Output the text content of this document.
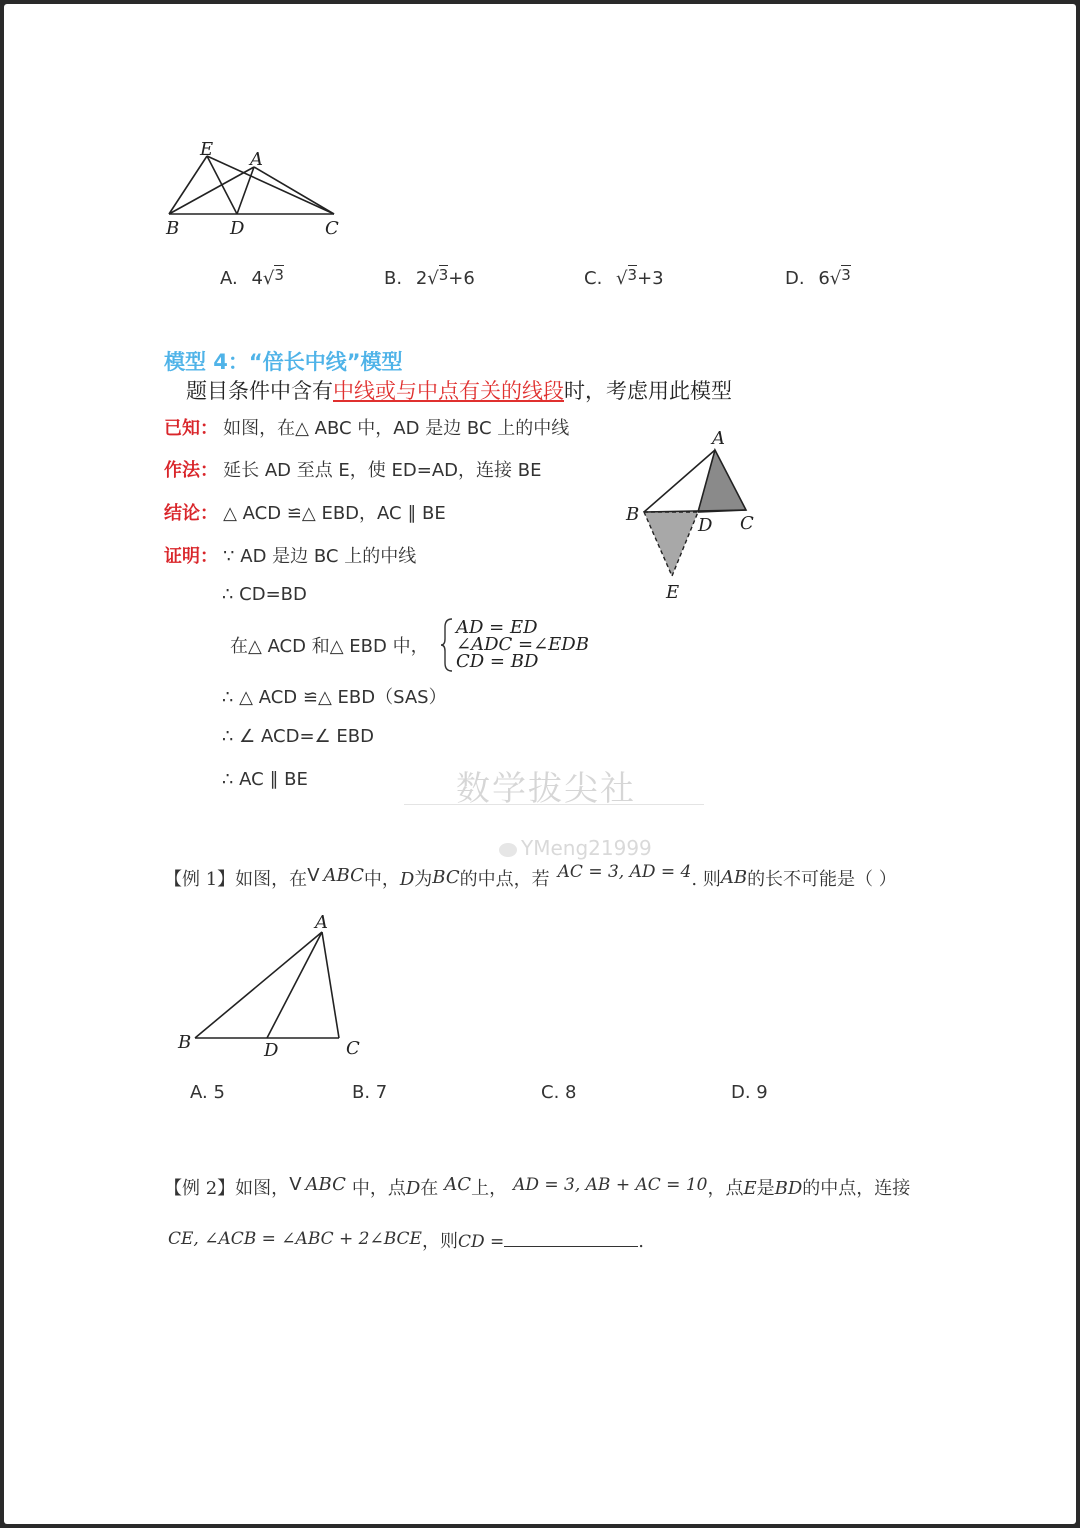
E A
B	D	C
A. 4√$^3$	B. 2√$^3$+6	C. √$^3$+3	D. 6√$^3$
模型 4：“倍长中线”模型
题目条件中含有中线或与中点有关的线段时，考虑用此模型
已知： 如图，在△ ABC 中，AD 是边 BC 上的中线
作法： 延长 AD 至点 E，使 ED=AD，连接 BE
结论： △ ACD ≌△ EBD，AC ∥ BE
证明： ∵ AD 是边 BC 上的中线
∴ CD=BD
在△ ACD 和△ EBD 中，
AD = ED
∠ADC =∠EDB
CD = BD
∴ △ ACD ≌△ EBD（SAS）
∴ ∠ ACD=∠ EBD
∴ AC ∥ BE
A
B
D C
E
数学拔尖社
YMeng21999
【例 1】如图，在V ABC中，D为BC的中点，若 AC = 3, AD = 4. 则AB的长不可能是（ ）
A
B	D	C
A. 5	B. 7	C. 8	D. 9
【例 2】如图，V ABC 中，点D在 AC上， AD = 3, AB + AC = 10，点E是BD的中点，连接
CE, ∠ACB = ∠ABC + 2∠BCE，则CD =	.
